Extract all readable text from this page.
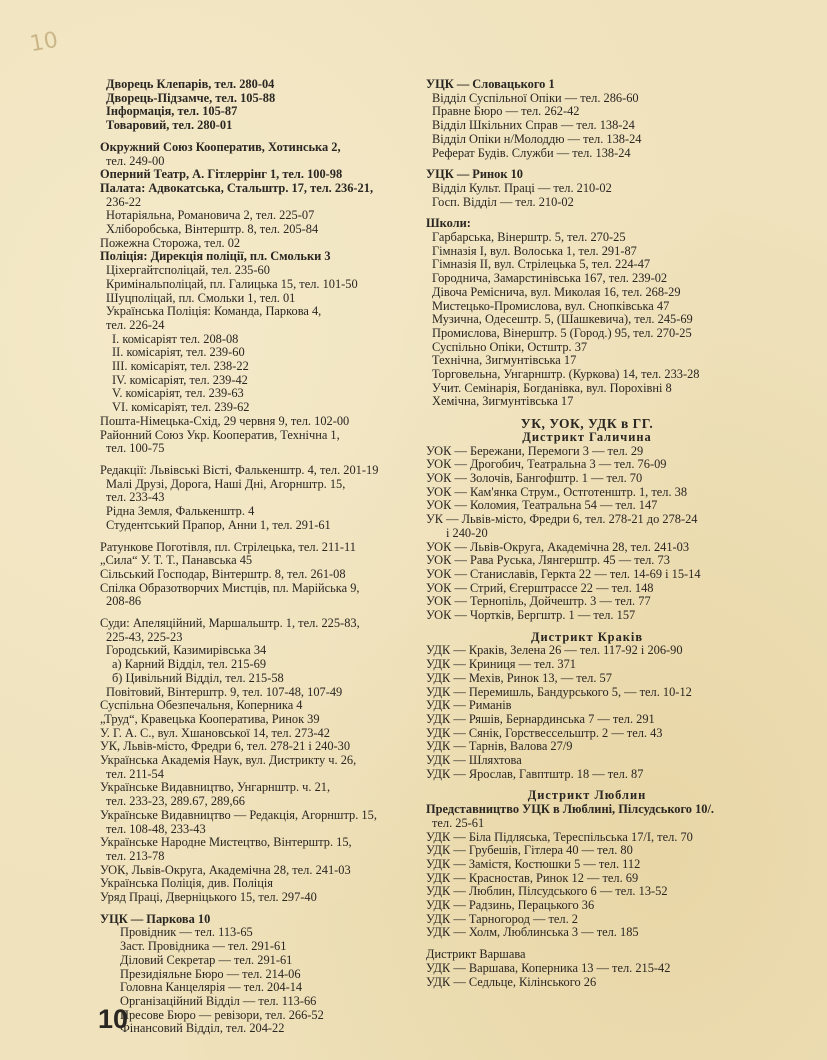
10
Дворець Клепарів, тел. 280-04
Дворець-Підзамче, тел. 105-88
Інформація, тел. 105-87
Товаровий, тел. 280-01
Окружний Союз Кооператив, Хотинська 2,
тел. 249-00
Оперний Театр, А. Гітлеррінг 1, тел. 100-98
Палата: Адвокатська, Стальштр. 17, тел. 236-21,
236-22
Нотаріяльна, Романовича 2, тел. 225-07
Хліборобська, Вінтерштр. 8, тел. 205-84
Пожежна Сторожа, тел. 02
Поліція: Дирекція поліції, пл. Смольки 3
Ціхергайтсполіцай, тел. 235-60
Кримінальполіцай, пл. Галицька 15, тел. 101-50
Шуцполіцай, пл. Смольки 1, тел. 01
Українська Поліція: Команда, Паркова 4,
тел. 226-24
I. комісаріят тел. 208-08
II. комісаріят, тел. 239-60
III. комісаріят, тел. 238-22
IV. комісаріят, тел. 239-42
V. комісаріят, тел. 239-63
VI. комісаріят, тел. 239-62
Пошта-Німецька-Схід, 29 червня 9, тел. 102-00
Районний Союз Укр. Кооператив, Технічна 1,
тел. 100-75
Редакції: Львівські Вісті, Фалькенштр. 4, тел. 201-19
Малі Друзі, Дорога, Наші Дні, Агорнштр. 15,
тел. 233-43
Рідна Земля, Фалькенштр. 4
Студентський Прапор, Анни 1, тел. 291-61
Ратункове Поготівля, пл. Стрілецька, тел. 211-11
„Сила“ У. Т. Т., Панавська 45
Сільський Господар, Вінтерштр. 8, тел. 261-08
Спілка Образотворчих Мистців, пл. Марійська 9,
208-86
Суди: Апеляційний, Маршальштр. 1, тел. 225-83,
225-43, 225-23
Городський, Казимирівська 34
а) Карний Відділ, тел. 215-69
б) Цивільний Відділ, тел. 215-58
Повітовий, Вінтерштр. 9, тел. 107-48, 107-49
Суспільна Обезпечальня, Коперника 4
„Труд“, Кравецька Кооператива, Ринок 39
У. Г. А. С., вул. Хшановської 14, тел. 273-42
УК, Львів-місто, Фредри 6, тел. 278-21 і 240-30
Українська Академія Наук, вул. Дистрикту ч. 26,
тел. 211-54
Українське Видавництво, Унгарнштр. ч. 21,
тел. 233-23, 289.67, 289,66
Українське Видавництво — Редакція, Агорнштр. 15,
тел. 108-48, 233-43
Українське Народне Мистецтво, Вінтерштр. 15,
тел. 213-78
УОК, Львів-Округа, Академічна 28, тел. 241-03
Українська Поліція, див. Поліція
Уряд Праці, Дверніцького 15, тел. 297-40
УЦК — Паркова 10
Провідник — тел. 113-65
Заст. Провідника — тел. 291-61
Діловий Секретар — тел. 291-61
Президіяльне Бюро — тел. 214-06
Головна Канцелярія — тел. 204-14
Організаційний Відділ — тел. 113-66
Пресове Бюро — ревізори, тел. 266-52
Фінансовий Відділ, тел. 204-22
УЦК — Словацького 1
Відділ Суспільної Опіки — тел. 286-60
Правне Бюро — тел. 262-42
Відділ Шкільних Справ — тел. 138-24
Відділ Опіки н/Молоддю — тел. 138-24
Реферат Будів. Служби — тел. 138-24
УЦК — Ринок 10
Відділ Культ. Праці — тел. 210-02
Госп. Відділ — тел. 210-02
Школи:
Гарбарська, Вінерштр. 5, тел. 270-25
Гімназія I, вул. Волоська 1, тел. 291-87
Гімназія II, вул. Стрілецька 5, тел. 224-47
Городнича, Замарстинівська 167, тел. 239-02
Дівоча Реміснича, вул. Миколая 16, тел. 268-29
Мистецько-Промислова, вул. Снопківська 47
Музична, Одесештр. 5, (Шашкевича), тел. 245-69
Промислова, Вінерштр. 5 (Город.) 95, тел. 270-25
Суспільно Опіки, Остштр. 37
Технічна, Зигмунтівська 17
Торговельна, Унгарнштр. (Куркова) 14, тел. 233-28
Учит. Семінарія, Богданівка, вул. Порохівні 8
Хемічна, Зигмунтівська 17
УК, УОК, УДК в ГГ.
Дистрикт Галичина
УОК — Бережани, Перемоги 3 — тел. 29
УОК — Дрогобич, Театральна 3 — тел. 76-09
УОК — Золочів, Бангофштр. 1 — тел. 70
УОК — Кам'янка Струм., Остготенштр. 1, тел. 38
УОК — Коломия, Театральна 54 — тел. 147
УК — Львів-місто, Фредри 6, тел. 278-21 до 278-24
і 240-20
УОК — Львів-Округа, Академічна 28, тел. 241-03
УОК — Рава Руська, Лянгерштр. 45 — тел. 73
УОК — Станиславів, Геркта 22 — тел. 14-69 і 15-14
УОК — Стрий, Єгерштрассе 22 — тел. 148
УОК — Тернопіль, Дойчештр. 3 — тел. 77
УОК — Чортків, Бергштр. 1 — тел. 157
Дистрикт Краків
УДК — Краків, Зелена 26 — тел. 117-92 і 206-90
УДК — Криниця — тел. 371
УДК — Мехів, Ринок 13, — тел. 57
УДК — Перемишль, Бандурського 5, — тел. 10-12
УДК — Риманів
УДК — Ряшів, Бернардинська 7 — тел. 291
УДК — Сянік, Горствессельштр. 2 — тел. 43
УДК — Тарнів, Валова 27/9
УДК — Шляхтова
УДК — Ярослав, Гавптштр. 18 — тел. 87
Дистрикт Люблин
Представництво УЦК в Люблині, Пілсудського 10/.
тел. 25-61
УДК — Біла Підляська, Тереспільська 17/I, тел. 70
УДК — Грубешів, Гітлера 40 — тел. 80
УДК — Замістя, Костюшки 5 — тел. 112
УДК — Красностав, Ринок 12 — тел. 69
УДК — Люблин, Пілсудського 6 — тел. 13-52
УДК — Радзинь, Перацького 36
УДК — Тарногород — тел. 2
УДК — Холм, Люблинська 3 — тел. 185
Дистрикт Варшава
УДК — Варшава, Коперника 13 — тел. 215-42
УДК — Седльце, Кілінського 26
10
